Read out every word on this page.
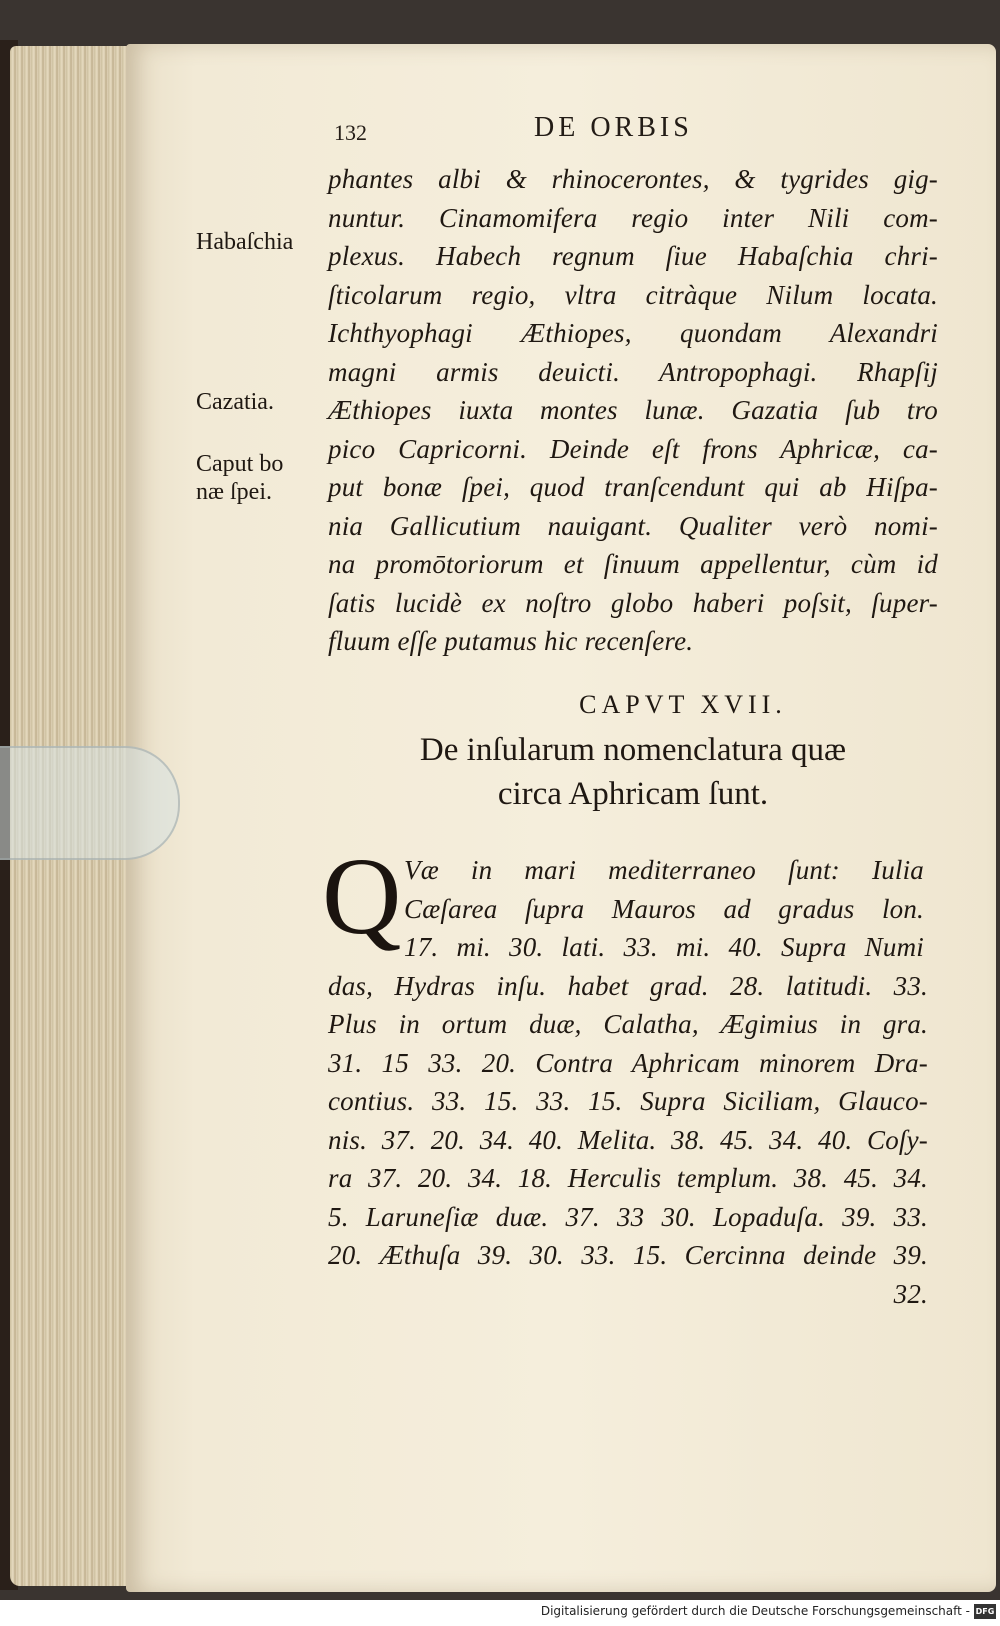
132	DE ORBIS
Habaſchia
Cazatia.
Caput bo
næ ſpei.
phantes albi & rhinocerontes, & tygrides gig-
nuntur. Cinamomifera regio inter Nili com-
plexus. Habech regnum ſiue Habaſchia chri-
ſticolarum regio, vltra citràque Nilum locata.
Ichthyophagi Æthiopes, quondam Alexandri
magni armis deuicti. Antropophagi. Rhapſij
Æthiopes iuxta montes lunæ. Gazatia ſub tro
pico Capricorni. Deinde eſt frons Aphricæ, ca-
put bonæ ſpei, quod tranſcendunt qui ab Hiſpa-
nia Gallicutium nauigant. Qualiter verò nomi-
na promōtoriorum et ſinuum appellentur, cùm id
ſatis lucidè ex noſtro globo haberi poſsit, ſuper-
fluum eſſe putamus hic recenſere.
CAPVT XVII.
De inſularum nomenclatura quæ
circa Aphricam ſunt.
Q Væ in mari mediterraneo ſunt: Iulia
Cæſarea ſupra Mauros ad gradus lon.
17. mi. 30. lati. 33. mi. 40. Supra Numi
das, Hydras inſu. habet grad. 28. latitudi. 33.
Plus in ortum duæ, Calatha, Ægimius in gra.
31. 15 33. 20. Contra Aphricam minorem Dra-
contius. 33. 15. 33. 15. Supra Siciliam, Glauco-
nis. 37. 20. 34. 40. Melita. 38. 45. 34. 40. Coſy-
ra 37. 20. 34. 18. Herculis templum. 38. 45. 34.
5. Laruneſiæ duæ. 37. 33 30. Lopaduſa. 39. 33.
20. Æthuſa 39. 30. 33. 15. Cercinna deinde 39.
32.
Digitalisierung gefördert durch die Deutsche Forschungsgemeinschaft - DFG
